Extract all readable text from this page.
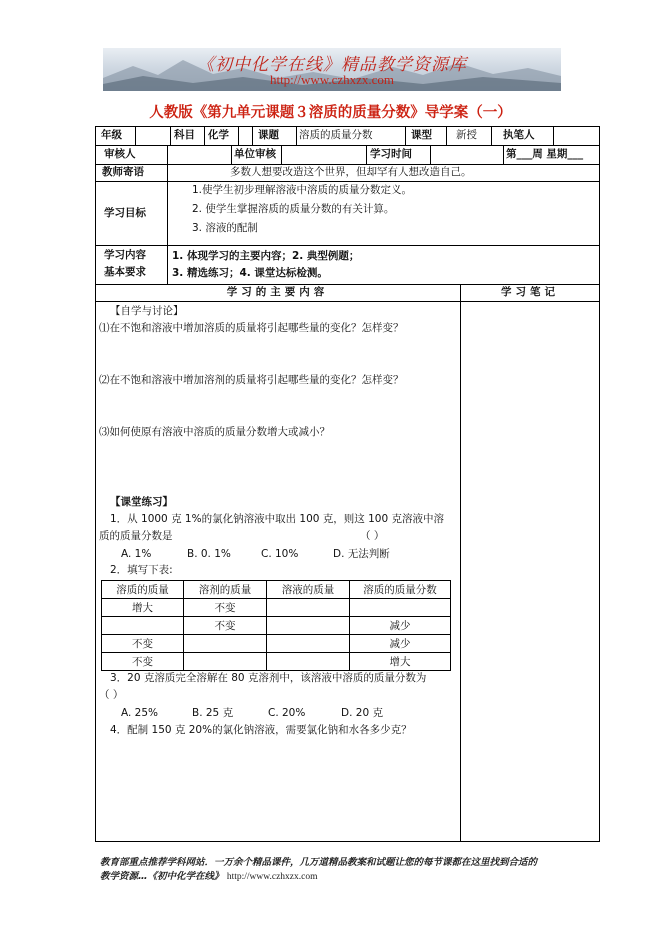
《初中化学在线》精品教学资源库
http://www.czhxzx.com
人教版《第九单元课题３溶质的质量分数》导学案（一）
年级	科目 化学	课题 溶质的质量分数	课型 新授 执笔人
审核人	单位审核	学习时间	第___周 星期___
教师寄语	多数人想要改造这个世界，但却罕有人想改造自己。
学习目标
1.使学生初步理解溶液中溶质的质量分数定义。
2. 使学生掌握溶质的质量分数的有关计算。
3. 溶液的配制
学习内容
基本要求
1. 体现学习的主要内容；2. 典型例题；
3. 精选练习；4. 课堂达标检测。
学习的主要内容	学习笔记
【自学与讨论】
⑴在不饱和溶液中增加溶质的质量将引起哪些量的变化？怎样变？
⑵在不饱和溶液中增加溶剂的质量将引起哪些量的变化？怎样变？
⑶如何使原有溶液中溶质的质量分数增大或减小？
【课堂练习】
1．从 1000 克 1%的氯化钠溶液中取出 100 克，则这 100 克溶液中溶
质的质量分数是	（ ）
A. 1%	B. 0. 1%	C. 10%	D. 无法判断
2．填写下表:
溶质的质量	溶剂的质量	溶液的质量	溶质的质量分数
增大	不变		
	不变		减少
不变			减少
不变			增大
3．20 克溶质完全溶解在 80 克溶剂中，该溶液中溶质的质量分数为
（ ）
A. 25%	B. 25 克	C. 20%	D. 20 克
4．配制 150 克 20%的氯化钠溶液，需要氯化钠和水各多少克？
教育部重点推荐学科网站．一万余个精品课件，几万道精品教案和试题让您的每节课都在这里找到合适的
教学资源…《初中化学在线》 http://www.czhxzx.com
